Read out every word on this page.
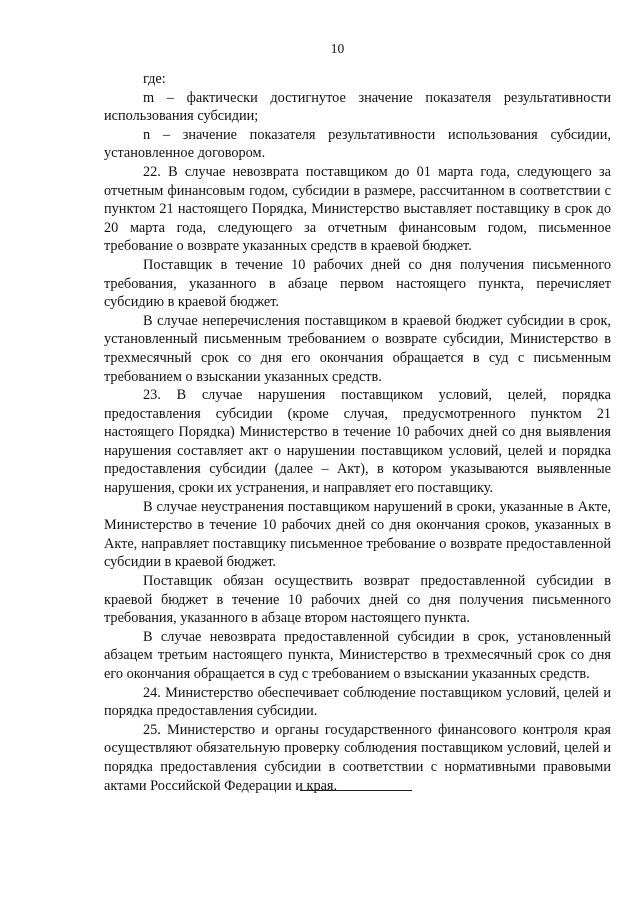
10

где:

m – фактически достигнутое значение показателя результативности использования субсидии;

n – значение показателя результативности использования субсидии, установленное договором.

22. В случае невозврата поставщиком до 01 марта года, следующего за отчетным финансовым годом, субсидии в размере, рассчитанном в соответствии с пунктом 21 настоящего Порядка, Министерство выставляет поставщику в срок до 20 марта года, следующего за отчетным финансовым годом, письменное требование о возврате указанных средств в краевой бюджет.

Поставщик в течение 10 рабочих дней со дня получения письменного требования, указанного в абзаце первом настоящего пункта, перечисляет субсидию в краевой бюджет.

В случае неперечисления поставщиком в краевой бюджет субсидии в срок, установленный письменным требованием о возврате субсидии, Министерство в трехмесячный срок со дня его окончания обращается в суд с письменным требованием о взыскании указанных средств.

23. В случае нарушения поставщиком условий, целей, порядка предоставления субсидии (кроме случая, предусмотренного пунктом 21 настоящего Порядка) Министерство в течение 10 рабочих дней со дня выявления нарушения составляет акт о нарушении поставщиком условий, целей и порядка предоставления субсидии (далее – Акт), в котором указываются выявленные нарушения, сроки их устранения, и направляет его поставщику.

В случае неустранения поставщиком нарушений в сроки, указанные в Акте, Министерство в течение 10 рабочих дней со дня окончания сроков, указанных в Акте, направляет поставщику письменное требование о возврате предоставленной субсидии в краевой бюджет.

Поставщик обязан осуществить возврат предоставленной субсидии в краевой бюджет в течение 10 рабочих дней со дня получения письменного требования, указанного в абзаце втором настоящего пункта.

В случае невозврата предоставленной субсидии в срок, установленный абзацем третьим настоящего пункта, Министерство в трехмесячный срок со дня его окончания обращается в суд с требованием о взыскании указанных средств.

24. Министерство обеспечивает соблюдение поставщиком условий, целей и порядка предоставления субсидии.

25. Министерство и органы государственного финансового контроля края осуществляют обязательную проверку соблюдения поставщиком условий, целей и порядка предоставления субсидии в соответствии с нормативными правовыми актами Российской Федерации и края.
